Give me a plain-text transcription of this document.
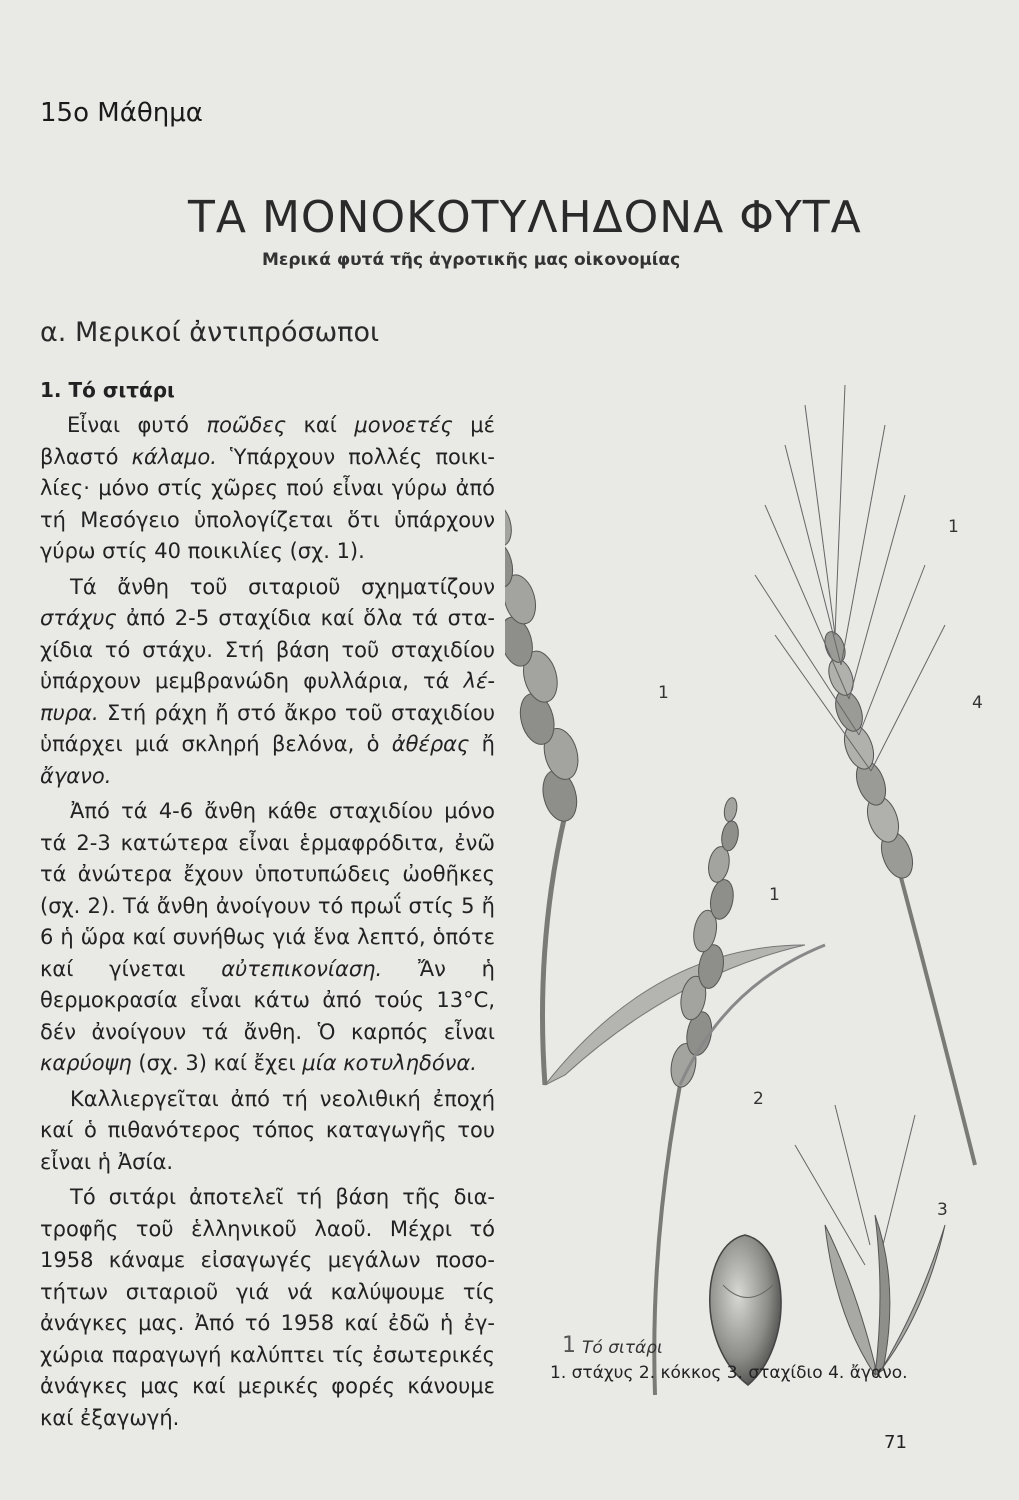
15ο Μάθημα
ΤΑ ΜΟΝΟΚΟΤΥΛΗΔΟΝΑ ΦΥΤΑ
Μερικά φυτά τῆς ἀγροτικῆς μας οἰκονομίας
α. Μερικοί ἀντιπρόσωποι
1. Τό σιτάρι

Εἶναι φυτό ποῶδες καί μονοετές μέ βλαστό κάλαμο. Ὑπάρχουν πολλές ποικιλίες· μόνο στίς χῶρες πού εἶναι γύρω ἀπό τή Μεσόγειο ὑπολογίζεται ὅτι ὑπάρχουν γύρω στίς 40 ποικιλίες (σχ. 1).

Τά ἄνθη τοῦ σιταριοῦ σχηματίζουν στάχυς ἀπό 2-5 σταχίδια καί ὅλα τά σταχίδια τό στάχυ. Στή βάση τοῦ σταχιδίου ὑπάρχουν μεμβρανώδη φυλλάρια, τά λέπυρα. Στή ράχη ἤ στό ἄκρο τοῦ σταχιδίου ὑπάρχει μιά σκληρή βελόνα, ὁ ἀθέρας ἤ ἄγανο.

Ἀπό τά 4-6 ἄνθη κάθε σταχιδίου μόνο τά 2-3 κατώτερα εἶναι ἑρμαφρόδιτα, ἐνῶ τά ἀνώτερα ἔχουν ὑποτυπώδεις ὠοθῆκες (σχ. 2). Τά ἄνθη ἀνοίγουν τό πρωΐ στίς 5 ἤ 6 ἡ ὥρα καί συνήθως γιά ἕνα λεπτό, ὁπότε καί γίνεται αὐτεπικονίαση. Ἄν ἡ θερμοκρασία εἶναι κάτω ἀπό τούς 13°C, δέν ἀνοίγουν τά ἄνθη. Ὁ καρπός εἶναι καρύοψη (σχ. 3) καί ἔχει μία κοτυληδόνα.

Καλλιεργεῖται ἀπό τή νεολιθική ἐποχή καί ὁ πιθανότερος τόπος καταγωγῆς του εἶναι ἡ Ἀσία.

Τό σιτάρι ἀποτελεῖ τή βάση τῆς διατροφῆς τοῦ ἑλληνικοῦ λαοῦ. Μέχρι τό 1958 κάναμε εἰσαγωγές μεγάλων ποσοτήτων σιταριοῦ γιά νά καλύψουμε τίς ἀνάγκες μας. Ἀπό τό 1958 καί ἐδῶ ἡ ἐγχώρια παραγωγή καλύπτει τίς ἐσωτερικές ἀνάγκες μας καί μερικές φορές κάνουμε καί ἐξαγωγή.

1
1	4
1
2
3
1 Τό σιτάρι
1. στάχυς 2. κόκκος 3. σταχίδιο 4. ἄγανο.
71
